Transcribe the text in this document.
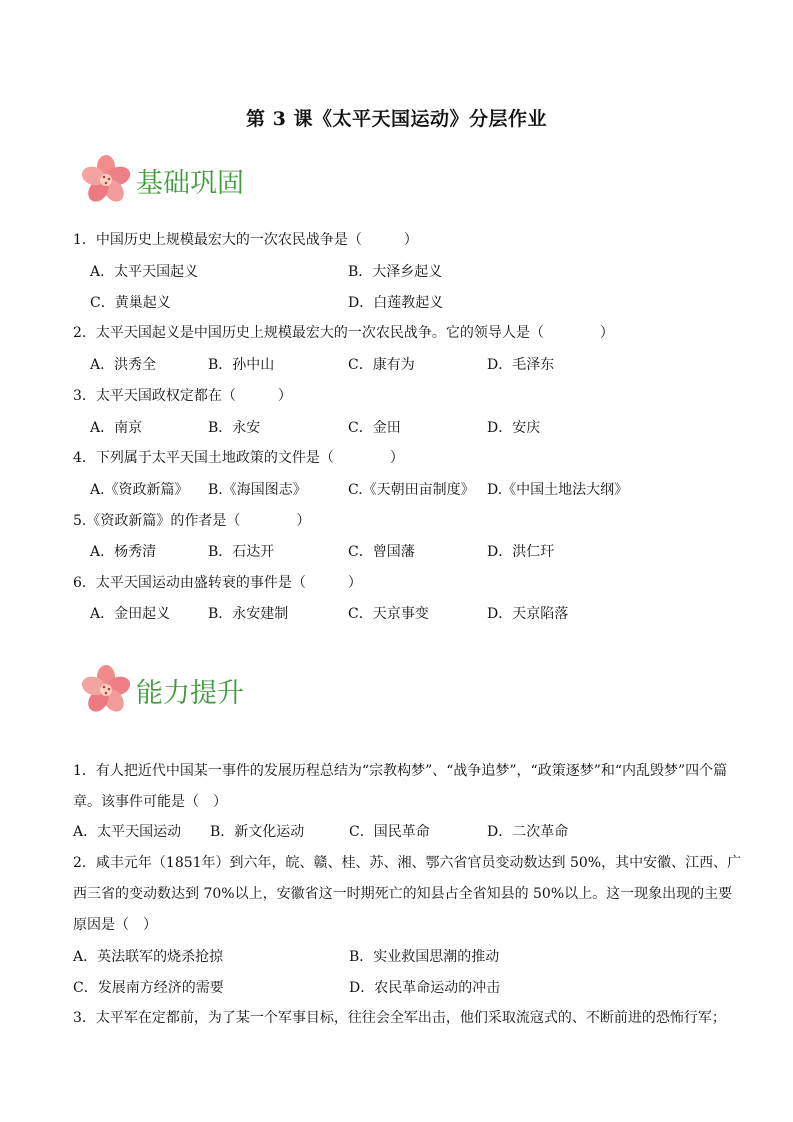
第 3 课《太平天国运动》分层作业
基础巩固
1．中国历史上规模最宏大的一次农民战争是（　　　）
A．太平天国起义	B．大泽乡起义
C．黄巢起义	D．白莲教起义
2．太平天国起义是中国历史上规模最宏大的一次农民战争。它的领导人是（　　　　）
A．洪秀全	B．孙中山	C．康有为	D．毛泽东
3．太平天国政权定都在（　　　）
A．南京	B．永安	C．金田	D．安庆
4．下列属于太平天国土地政策的文件是（　　　　）
A.《资政新篇》 B.《海国图志》	C.《天朝田亩制度》 D.《中国土地法大纲》
5.《资政新篇》的作者是（　　　　）
A．杨秀清	B．石达开	C．曾国藩	D．洪仁玕
6．太平天国运动由盛转衰的事件是（　　　）
A．金田起义	B．永安建制	C．天京事变	D．天京陷落
能力提升
1．有人把近代中国某一事件的发展历程总结为“宗教构梦”、“战争追梦”，“政策逐梦”和“内乱毁梦”四个篇
章。该事件可能是（　）
A．太平天国运动 B．新文化运动	C．国民革命	D．二次革命
2．咸丰元年（1851年）到六年，皖、赣、桂、苏、湘、鄂六省官员变动数达到 50%，其中安徽、江西、广
西三省的变动数达到 70%以上，安徽省这一时期死亡的知县占全省知县的 50%以上。这一现象出现的主要
原因是（　）
A．英法联军的烧杀抢掠	B．实业救国思潮的推动
C．发展南方经济的需要	D．农民革命运动的冲击
3．太平军在定都前，为了某一个军事目标，往往会全军出击，他们采取流寇式的、不断前进的恐怖行军；
